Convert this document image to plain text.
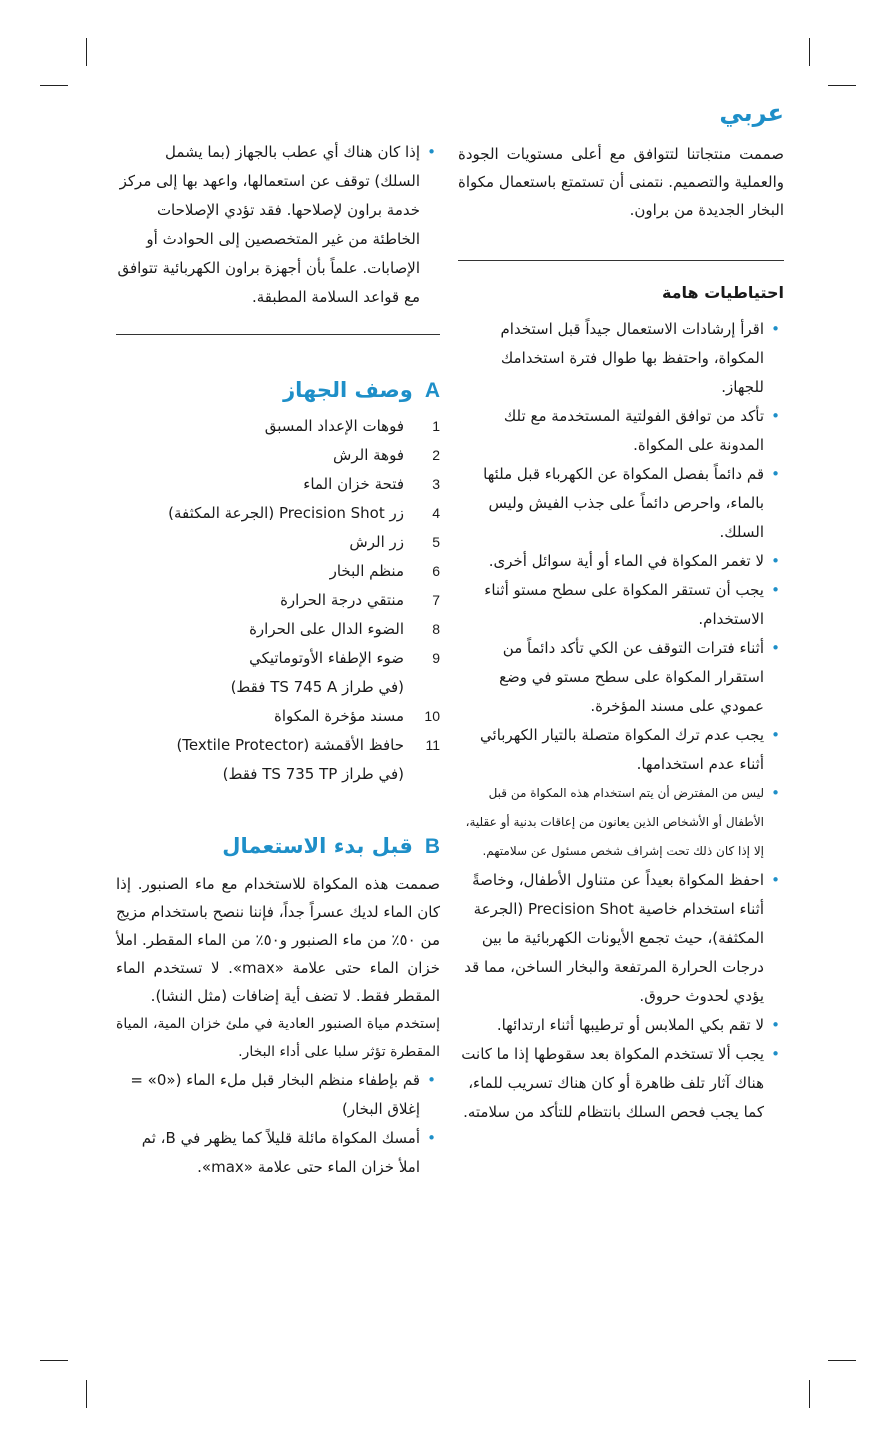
عربي

صممت منتجاتنا لتتوافق مع أعلى مستويات الجودة والعملية والتصميم. نتمنى أن تستمتع باستعمال مكواة البخار الجديدة من براون.

احتياطيات هامة
•
اقرأ إرشادات الاستعمال جيداً قبل استخدام المكواة، واحتفظ بها طوال فترة استخدامك للجهاز.
•
تأكد من توافق الفولتية المستخدمة مع تلك المدونة على المكواة.
•
قم دائماً بفصل المكواة عن الكهرباء قبل ملئها بالماء، واحرص دائماً على جذب الفيش وليس السلك.
•
لا تغمر المكواة في الماء أو أية سوائل أخرى.
•
يجب أن تستقر المكواة على سطح مستو أثناء الاستخدام.
•
أثناء فترات التوقف عن الكي تأكد دائماً من استقرار المكواة على سطح مستو في وضع عمودي على مسند المؤخرة.
•
يجب عدم ترك المكواة متصلة بالتيار الكهربائي أثناء عدم استخدامها.
•
ليس من المفترض أن يتم استخدام هذه المكواة من قبل الأطفال أو الأشخاص الذين يعانون من إعاقات بدنية أو عقلية، إلا إذا كان ذلك تحت إشراف شخص مسئول عن سلامتهم.
•
احفظ المكواة بعيداً عن متناول الأطفال، وخاصةً أثناء استخدام خاصية Precision Shot (الجرعة المكثفة)، حيث تجمع الأيونات الكهربائية ما بين درجات الحرارة المرتفعة والبخار الساخن، مما قد يؤدي لحدوث حروق.
•
لا تقم بكي الملابس أو ترطيبها أثناء ارتدائها.
•
يجب ألا تستخدم المكواة بعد سقوطها إذا ما كانت هناك آثار تلف ظاهرة أو كان هناك تسريب للماء، كما يجب فحص السلك بانتظام للتأكد من سلامته.
•
إذا كان هناك أي عطب بالجهاز (بما يشمل السلك) توقف عن استعمالها، واعهد بها إلى مركز خدمة براون لإصلاحها. فقد تؤدي الإصلاحات الخاطئة من غير المتخصصين إلى الحوادث أو الإصابات. علماً بأن أجهزة براون الكهربائية تتوافق مع قواعد السلامة المطبقة.
Aوصف الجهاز
1
فوهات الإعداد المسبق
2
فوهة الرش
3
فتحة خزان الماء
4
زر Precision Shot (الجرعة المكثفة)
5
زر الرش
6
منظم البخار
7
منتقي درجة الحرارة
8
الضوء الدال على الحرارة
9
ضوء الإطفاء الأوتوماتيكي
(في طراز TS 745 A فقط)
10
مسند مؤخرة المكواة
11
حافظ الأقمشة (Textile Protector)
(في طراز TS 735 TP فقط)
Bقبل بدء الاستعمال

صممت هذه المكواة للاستخدام مع ماء الصنبور. إذا كان الماء لديك عسراً جداً، فإننا ننصح باستخدام مزيج من ٥٠٪ من ماء الصنبور و٥٠٪ من الماء المقطر. املأ خزان الماء حتى علامة «max». لا تستخدم الماء المقطر فقط. لا تضف أية إضافات (مثل النشا).

إستخدم مياة الصنبور العادية في ملئ خزان المية، المياة المقطرة تؤثر سلبا على أداء البخار.

•
قم بإطفاء منظم البخار قبل ملء الماء («0» = إغلاق البخار)
•
أمسك المكواة مائلة قليلاً كما يظهر في B، ثم املأ خزان الماء حتى علامة «max».
